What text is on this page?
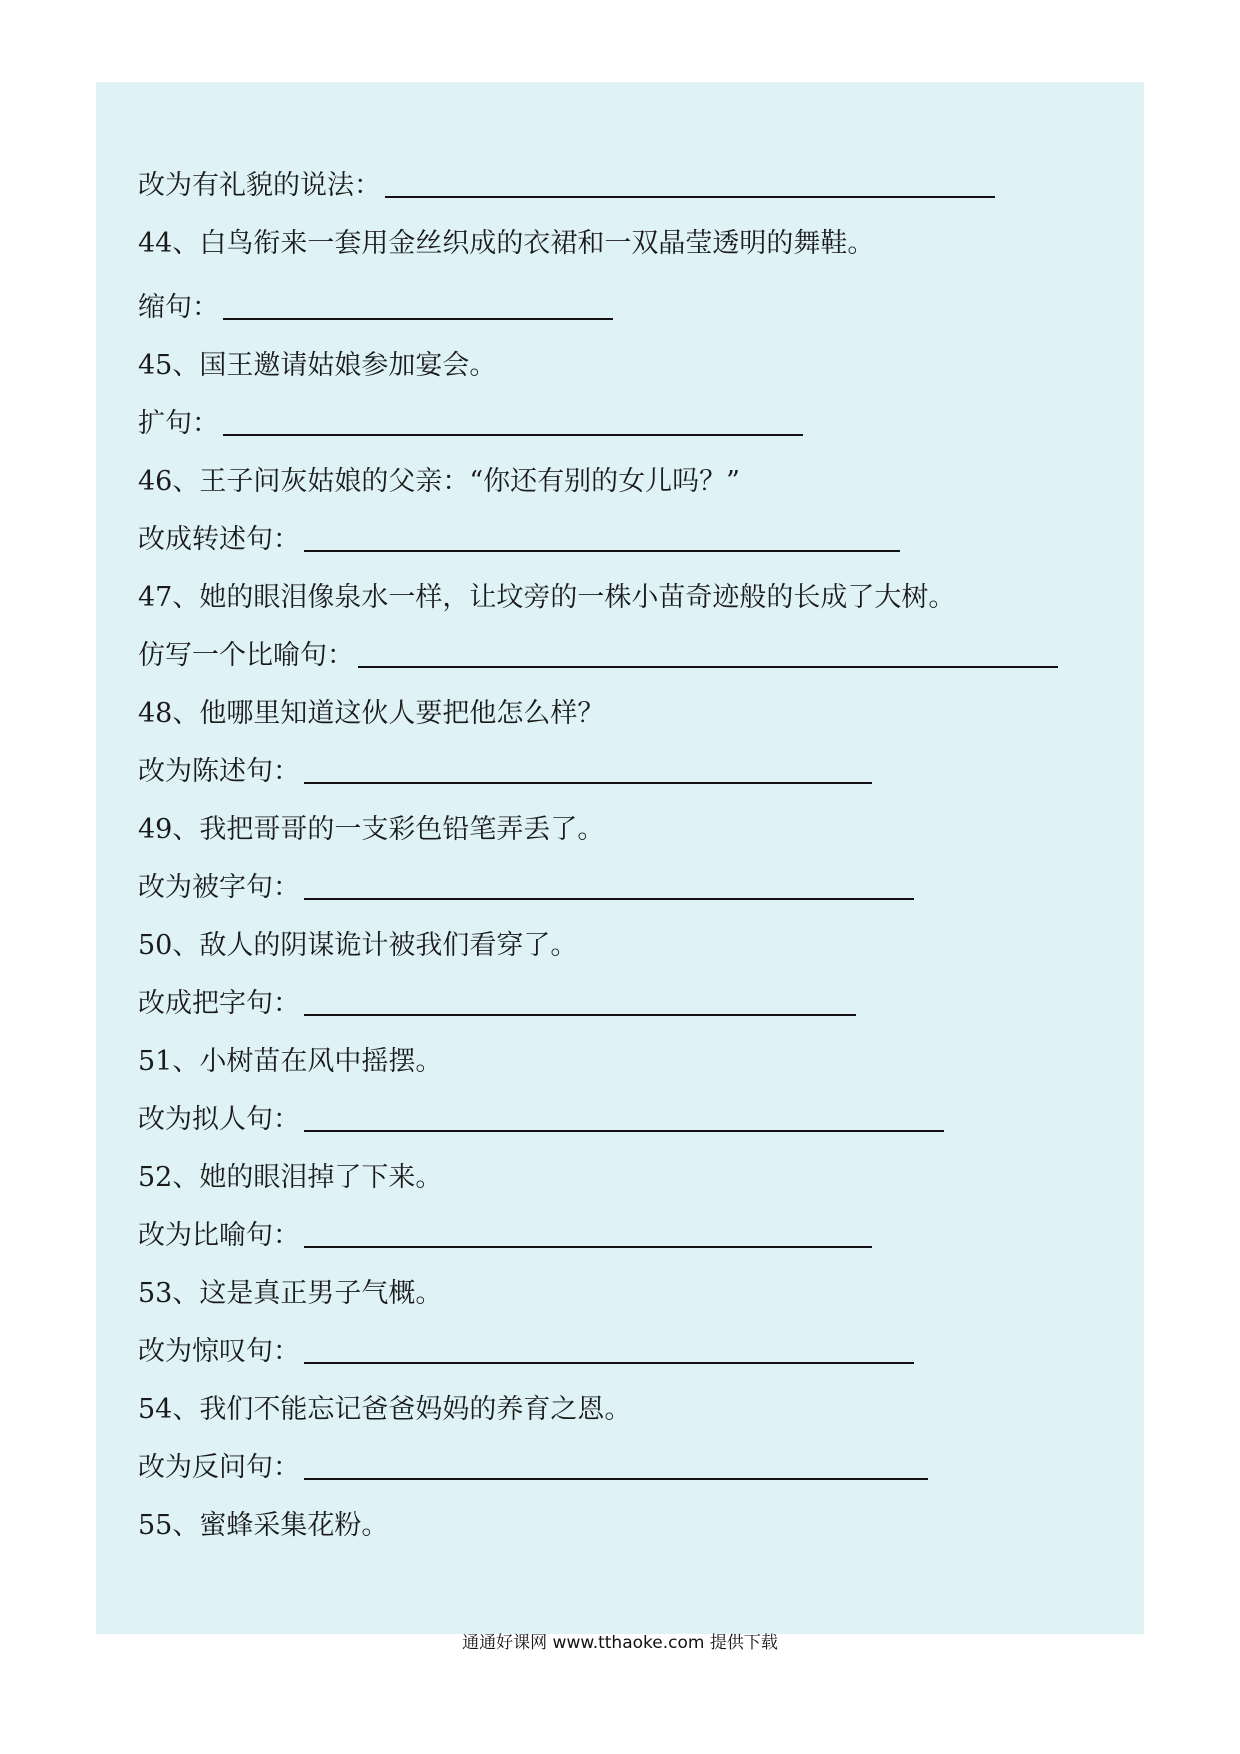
改为有礼貌的说法：
44、白鸟衔来一套用金丝织成的衣裙和一双晶莹透明的舞鞋。
缩句：
45、国王邀请姑娘参加宴会。
扩句：
46、王子问灰姑娘的父亲：“你还有别的女儿吗？”
改成转述句：
47、她的眼泪像泉水一样，让坟旁的一株小苗奇迹般的长成了大树。
仿写一个比喻句：
48、他哪里知道这伙人要把他怎么样？
改为陈述句：
49、我把哥哥的一支彩色铅笔弄丢了。
改为被字句：
50、敌人的阴谋诡计被我们看穿了。
改成把字句：
51、小树苗在风中摇摆。
改为拟人句：
52、她的眼泪掉了下来。
改为比喻句：
53、这是真正男子气概。
改为惊叹句：
54、我们不能忘记爸爸妈妈的养育之恩。
改为反问句：
55、蜜蜂采集花粉。
通通好课网 www.tthaoke.com 提供下载
